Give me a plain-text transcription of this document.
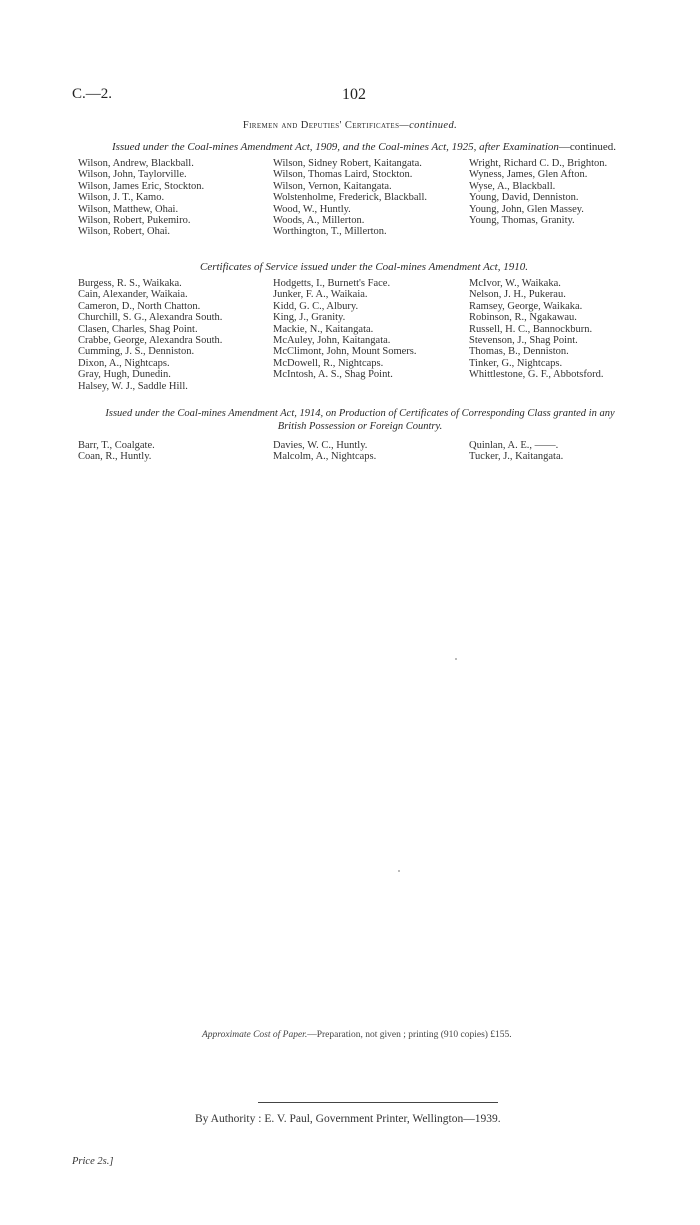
C.—2.	102
Firemen and Deputies' Certificates—continued.
Issued under the Coal-mines Amendment Act, 1909, and the Coal-mines Act, 1925, after Examination—continued.
Wilson, Andrew, Blackball.
Wilson, John, Taylorville.
Wilson, James Eric, Stockton.
Wilson, J. T., Kamo.
Wilson, Matthew, Ohai.
Wilson, Robert, Pukemiro.
Wilson, Robert, Ohai.
Wilson, Sidney Robert, Kaitangata.
Wilson, Thomas Laird, Stockton.
Wilson, Vernon, Kaitangata.
Wolstenholme, Frederick, Blackball.
Wood, W., Huntly.
Woods, A., Millerton.
Worthington, T., Millerton.
Wright, Richard C. D., Brighton.
Wyness, James, Glen Afton.
Wyse, A., Blackball.
Young, David, Denniston.
Young, John, Glen Massey.
Young, Thomas, Granity.
Certificates of Service issued under the Coal-mines Amendment Act, 1910.
Burgess, R. S., Waikaka.
Cain, Alexander, Waikaia.
Cameron, D., North Chatton.
Churchill, S. G., Alexandra South.
Clasen, Charles, Shag Point.
Crabbe, George, Alexandra South.
Cumming, J. S., Denniston.
Dixon, A., Nightcaps.
Gray, Hugh, Dunedin.
Halsey, W. J., Saddle Hill.
Hodgetts, I., Burnett's Face.
Junker, F. A., Waikaia.
Kidd, G. C., Albury.
King, J., Granity.
Mackie, N., Kaitangata.
McAuley, John, Kaitangata.
McClimont, John, Mount Somers.
McDowell, R., Nightcaps.
McIntosh, A. S., Shag Point.
McIvor, W., Waikaka.
Nelson, J. H., Pukerau.
Ramsey, George, Waikaka.
Robinson, R., Ngakawau.
Russell, H. C., Bannockburn.
Stevenson, J., Shag Point.
Thomas, B., Denniston.
Tinker, G., Nightcaps.
Whittlestone, G. F., Abbotsford.
Issued under the Coal-mines Amendment Act, 1914, on Production of Certificates of Corresponding Class granted in any
British Possession or Foreign Country.
Barr, T., Coalgate.
Coan, R., Huntly.
Davies, W. C., Huntly.
Malcolm, A., Nightcaps.
Quinlan, A. E., ——.
Tucker, J., Kaitangata.
Approximate Cost of Paper.—Preparation, not given ; printing (910 copies) £155.
By Authority : E. V. Paul, Government Printer, Wellington—1939.
Price 2s.]
